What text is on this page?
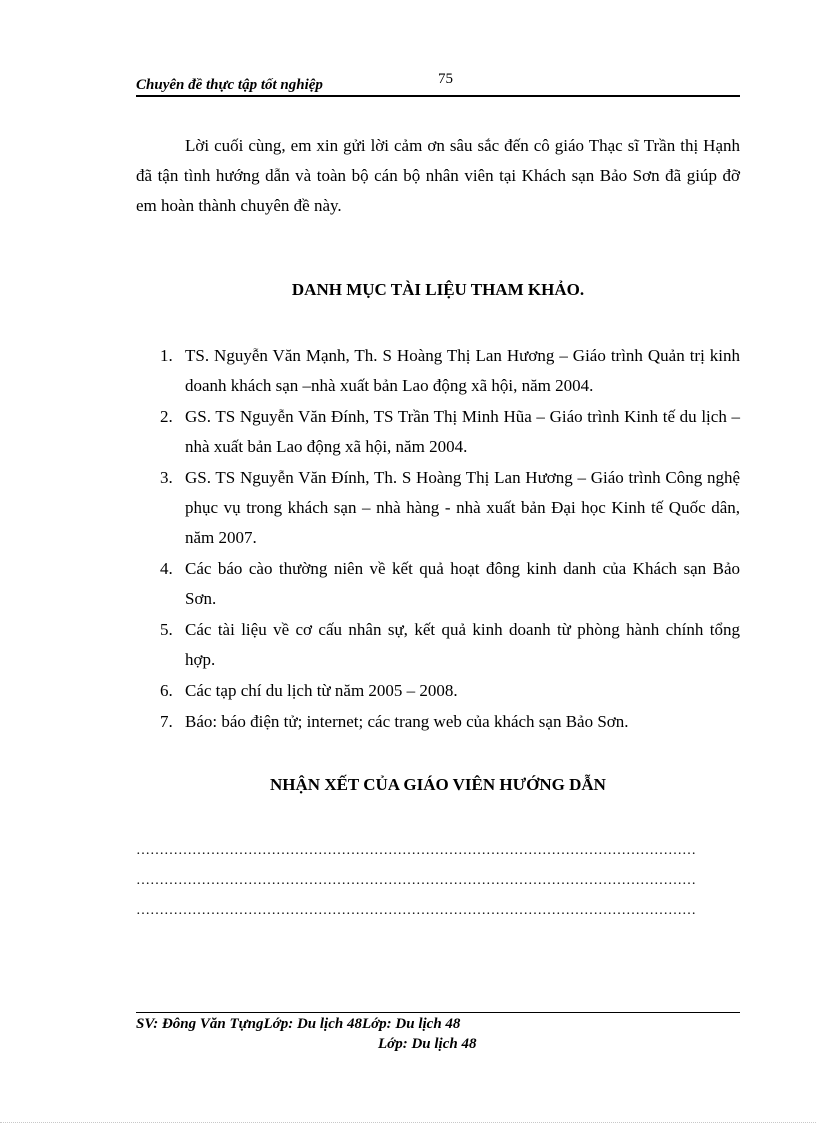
Chuyên đề thực tập tốt nghiệp	75

Lời cuối cùng, em xin gửi lời cảm ơn sâu sắc đến cô giáo Thạc sĩ Trần thị Hạnh đã tận tình hướng dẫn và toàn bộ cán bộ nhân viên tại Khách sạn Bảo Sơn đã giúp đỡ em hoàn thành chuyên đề này.

DANH MỤC TÀI LIỆU THAM KHẢO.
1. TS. Nguyễn Văn Mạnh, Th. S Hoàng Thị Lan Hương – Giáo trình Quản trị kinh doanh khách sạn –nhà xuất bản Lao động xã hội, năm 2004.
2. GS. TS Nguyễn Văn Đính, TS Trần Thị Minh Hũa – Giáo trình Kinh tế du lịch – nhà xuất bản Lao động xã hội, năm 2004.
3. GS. TS Nguyễn Văn Đính, Th. S Hoàng Thị Lan Hương – Giáo trình Công nghệ phục vụ trong khách sạn – nhà hàng - nhà xuất bản Đại học Kinh tế Quốc dân, năm 2007.
4. Các báo cào thường niên về kết quả hoạt đông kinh danh của Khách sạn Bảo Sơn.
5. Các tài liệu về cơ cấu nhân sự, kết quả kinh doanh từ phòng hành chính tổng hợp.
6. Các tạp chí du lịch từ năm 2005 – 2008.
7. Báo: báo điện tử; internet; các trang web của khách sạn Bảo Sơn.
NHẬN XẾT CỦA GIÁO VIÊN HƯỚNG DẪN
…………………………………………………………………………………………………………
…………………………………………………………………………………………………………
…………………………………………………………………………………………………………
SV: Đông Văn TựngLớp: Du lịch 48Lớp: Du lịch 48
Lớp: Du lịch 48
